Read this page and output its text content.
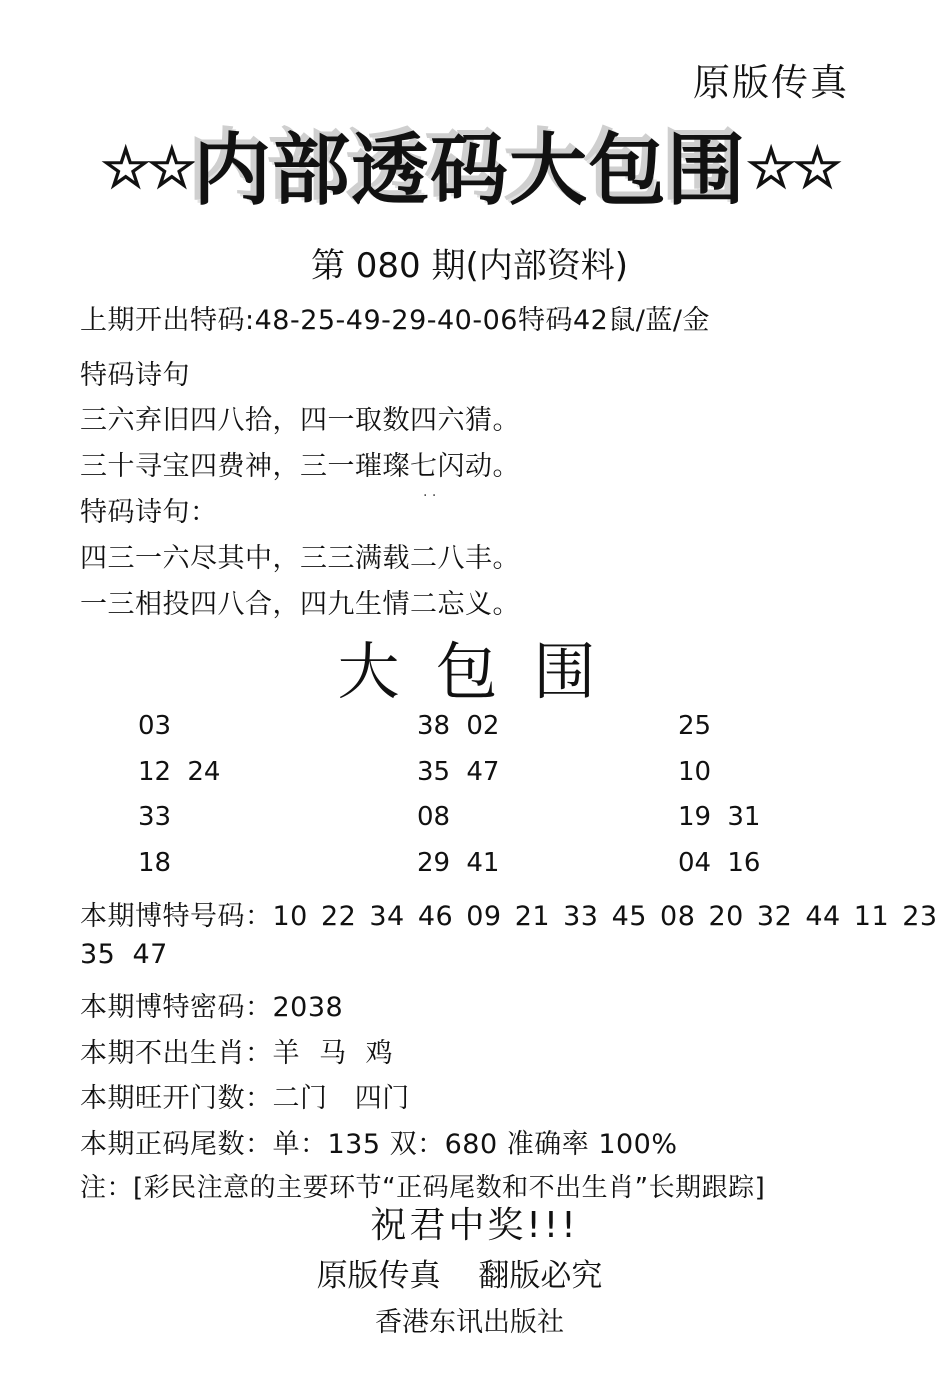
原版传真
☆☆内部透码大包围☆☆
第 080 期(内部资料)
上期开出特码:48-25-49-29-40-06特码42鼠/蓝/金
特码诗句
三六弃旧四八拾，四一取数四六猜。
三十寻宝四费神，三一璀璨七闪动。
特码诗句：
· ·
四三一六尽其中，三三满载二八丰。
一三相投四八合，四九生情二忘义。
大包围
03	38 02	25
12 24	35 47	10
33	08	19 31
18	29 41	04 16
本期博特号码：10 22 34 46 09 21 33 45 08 20 32 44 11 23
35 47
本期博特密码：2038
本期不出生肖：羊 马 鸡
本期旺开门数：二门   四门
本期正码尾数：单：135 双：680 准确率 100%
注：[彩民注意的主要环节“正码尾数和不出生肖”长期跟踪]
祝君中奖!!!
原版传真 翻版必究
香港东讯出版社
